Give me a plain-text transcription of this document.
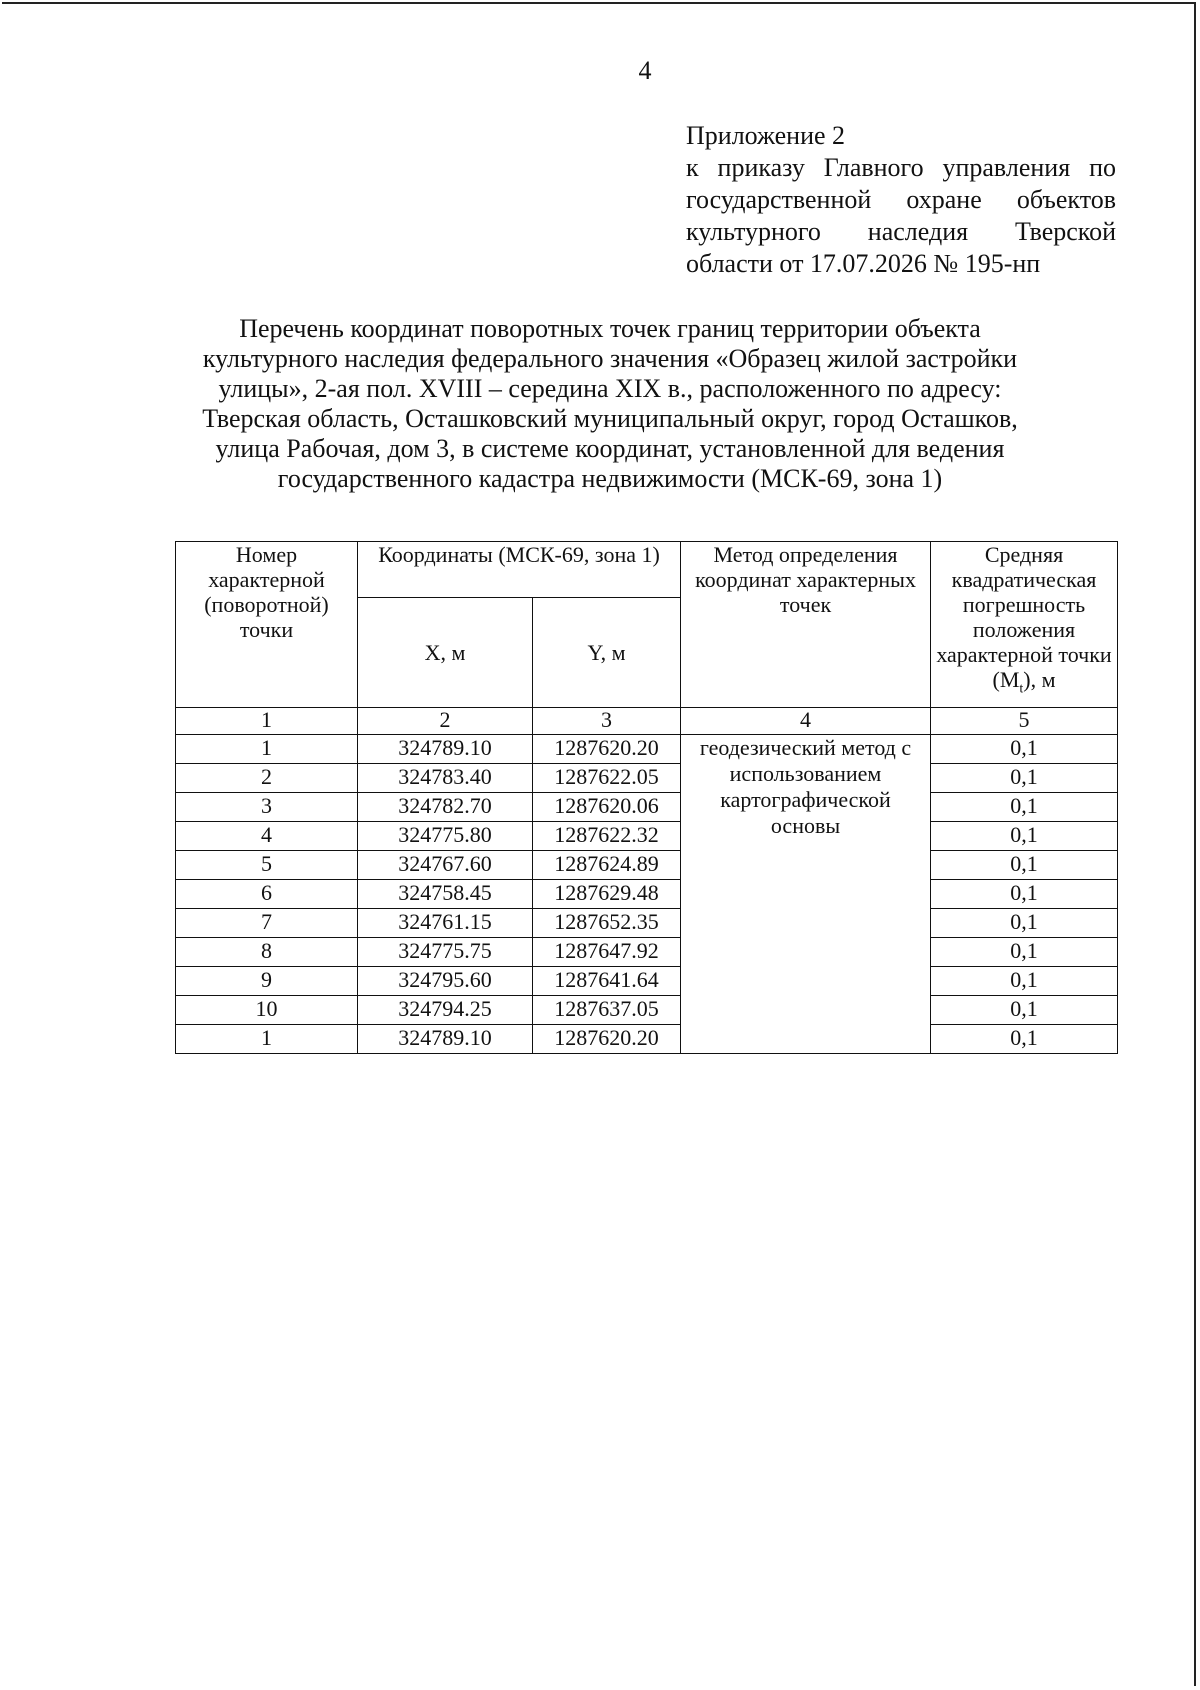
4
Приложение 2
к приказу Главного управления по государственной охране объектов культурного наследия Тверской области от 17.07.2026 № 195-нп
Перечень координат поворотных точек границ территории объекта
культурного наследия федерального значения «Образец жилой застройки
улицы», 2-ая пол. XVIII – середина XIX в., расположенного по адресу:
Тверская область, Осташковский муниципальный округ, город Осташков,
улица Рабочая, дом 3, в системе координат, установленной для ведения
государственного кадастра недвижимости (МСК-69, зона 1)
Номер характерной (поворотной) точки	Координаты (МСК-69, зона 1)		Метод определения координат характерных точек	Средняя квадратическая погрешность положения характерной точки $(M_t)$, м
	X, м	Y, м		
1	2	3	4	5
1	324789.10	1287620.20	геодезический метод с использованием картографической основы	0,1
2	324783.40	1287622.05		0,1
3	324782.70	1287620.06		0,1
4	324775.80	1287622.32		0,1
5	324767.60	1287624.89		0,1
6	324758.45	1287629.48		0,1
7	324761.15	1287652.35		0,1
8	324775.75	1287647.92		0,1
9	324795.60	1287641.64		0,1
10	324794.25	1287637.05		0,1
1	324789.10	1287620.20		0,1
